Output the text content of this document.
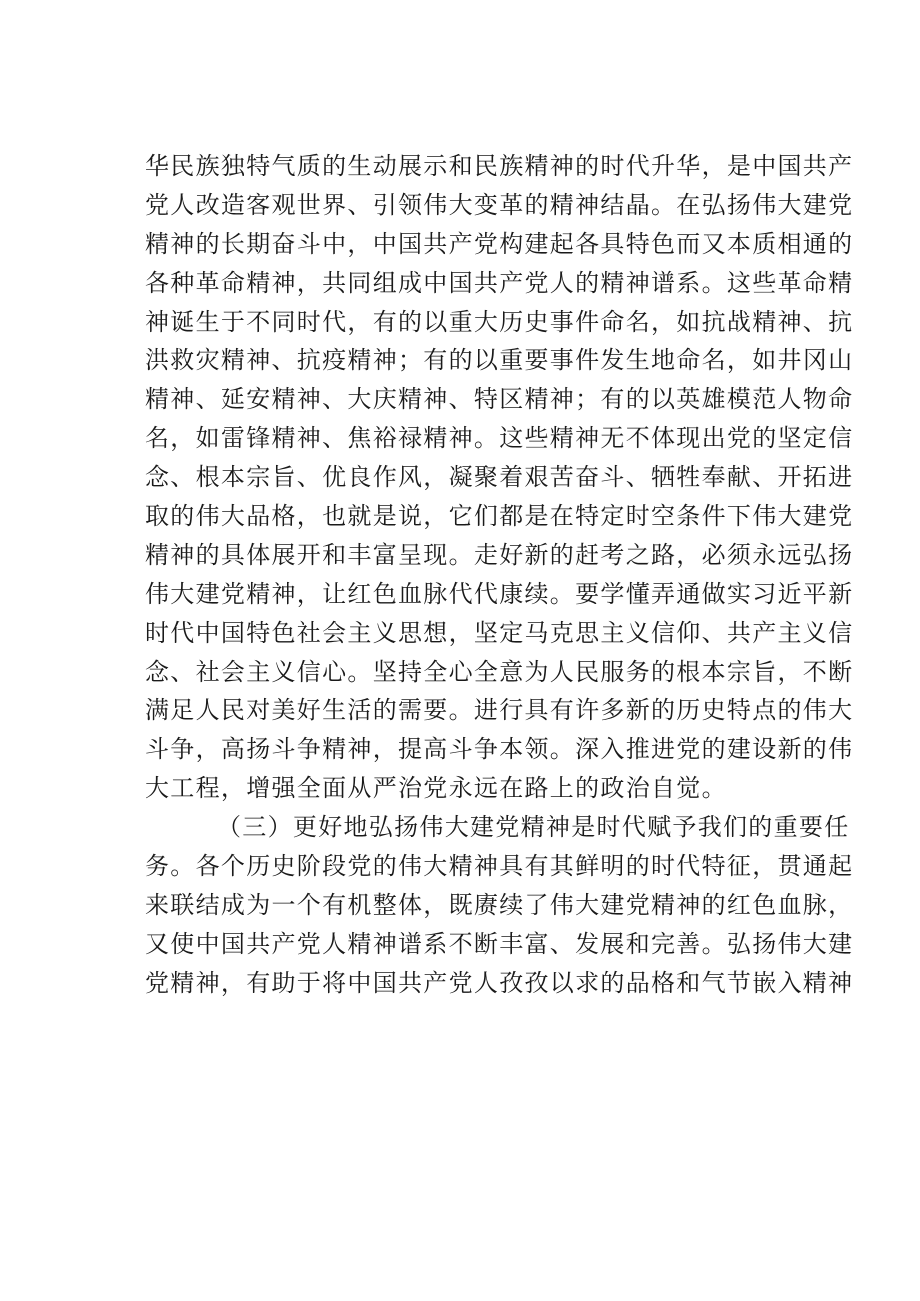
华民族独特气质的生动展示和民族精神的时代升华，是中国共产
党人改造客观世界、引领伟大变革的精神结晶。在弘扬伟大建党
精神的长期奋斗中，中国共产党构建起各具特色而又本质相通的
各种革命精神，共同组成中国共产党人的精神谱系。这些革命精
神诞生于不同时代，有的以重大历史事件命名，如抗战精神、抗
洪救灾精神、抗疫精神；有的以重要事件发生地命名，如井冈山
精神、延安精神、大庆精神、特区精神；有的以英雄模范人物命
名，如雷锋精神、焦裕禄精神。这些精神无不体现出党的坚定信
念、根本宗旨、优良作风，凝聚着艰苦奋斗、牺牲奉献、开拓进
取的伟大品格，也就是说，它们都是在特定时空条件下伟大建党
精神的具体展开和丰富呈现。走好新的赶考之路，必须永远弘扬
伟大建党精神，让红色血脉代代康续。要学懂弄通做实习近平新
时代中国特色社会主义思想，坚定马克思主义信仰、共产主义信
念、社会主义信心。坚持全心全意为人民服务的根本宗旨，不断
满足人民对美好生活的需要。进行具有许多新的历史特点的伟大
斗争，高扬斗争精神，提高斗争本领。深入推进党的建设新的伟
大工程，增强全面从严治党永远在路上的政治自觉。
（三）更好地弘扬伟大建党精神是时代赋予我们的重要任
务。各个历史阶段党的伟大精神具有其鲜明的时代特征，贯通起
来联结成为一个有机整体，既赓续了伟大建党精神的红色血脉，
又使中国共产党人精神谱系不断丰富、发展和完善。弘扬伟大建
党精神，有助于将中国共产党人孜孜以求的品格和气节嵌入精神
